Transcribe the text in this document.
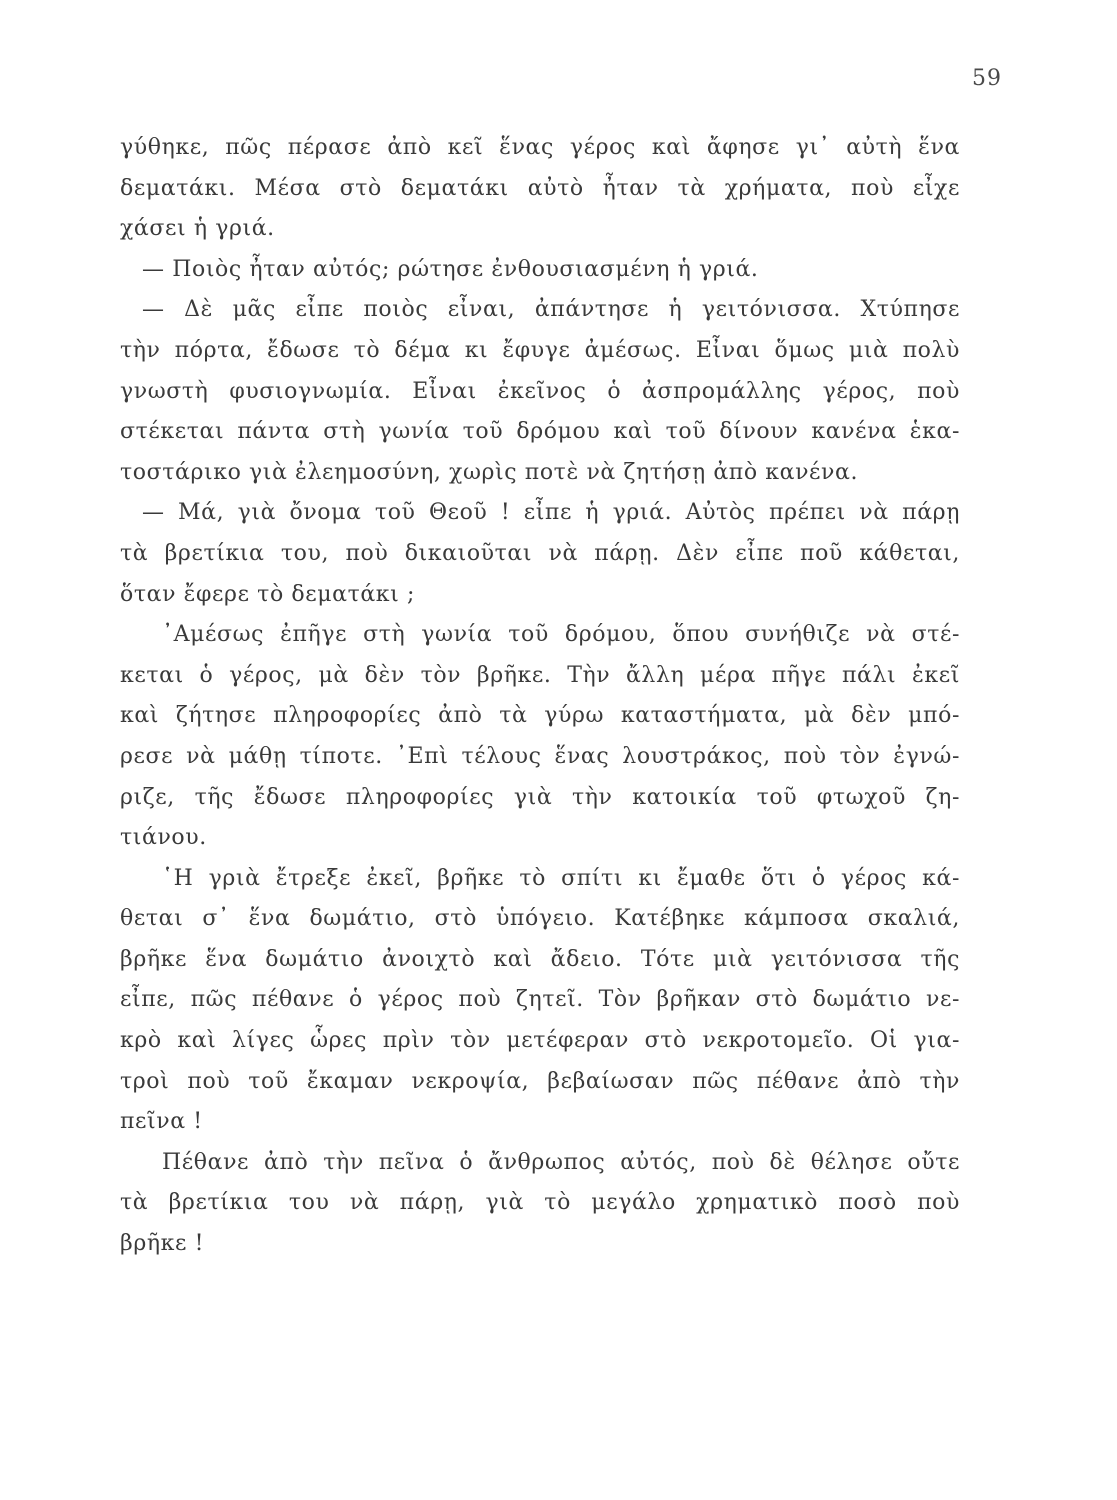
59
γύθηκε, πῶς πέρασε ἀπὸ κεῖ ἕνας γέρος καὶ ἄφησε γι᾽ αὐτὴ ἕνα
δεματάκι. Μέσα στὸ δεματάκι αὐτὸ ἦταν τὰ χρήματα, ποὺ εἶχε
χάσει ἡ γριά.
— Ποιὸς ἦταν αὐτός; ρώτησε ἐνθουσιασμένη ἡ γριά.
— Δὲ μᾶς εἶπε ποιὸς εἶναι, ἀπάντησε ἡ γειτόνισσα. Χτύπησε
τὴν πόρτα, ἔδωσε τὸ δέμα κι ἔφυγε ἀμέσως. Εἶναι ὅμως μιὰ πολὺ
γνωστὴ φυσιογνωμία. Εἶναι ἐκεῖνος ὁ ἀσπρομάλλης γέρος, ποὺ
στέκεται πάντα στὴ γωνία τοῦ δρόμου καὶ τοῦ δίνουν κανένα ἑκα-
τοστάρικο γιὰ ἐλεημοσύνη, χωρὶς ποτὲ νὰ ζητήσῃ ἀπὸ κανένα.
— Μά, γιὰ ὄνομα τοῦ Θεοῦ ! εἶπε ἡ γριά. Αὐτὸς πρέπει νὰ πάρῃ
τὰ βρετίκια του, ποὺ δικαιοῦται νὰ πάρῃ. Δὲν εἶπε ποῦ κάθεται,
ὅταν ἔφερε τὸ δεματάκι ;
᾽Αμέσως ἐπῆγε στὴ γωνία τοῦ δρόμου, ὅπου συνήθιζε νὰ στέ-
κεται ὁ γέρος, μὰ δὲν τὸν βρῆκε. Τὴν ἄλλη μέρα πῆγε πάλι ἐκεῖ
καὶ ζήτησε πληροφορίες ἀπὸ τὰ γύρω καταστήματα, μὰ δὲν μπό-
ρεσε νὰ μάθῃ τίποτε. ᾽Επὶ τέλους ἕνας λουστράκος, ποὺ τὸν ἐγνώ-
ριζε, τῆς ἔδωσε πληροφορίες γιὰ τὴν κατοικία τοῦ φτωχοῦ ζη-
τιάνου.
῾Η γριὰ ἔτρεξε ἐκεῖ, βρῆκε τὸ σπίτι κι ἔμαθε ὅτι ὁ γέρος κά-
θεται σ᾽ ἕνα δωμάτιο, στὸ ὑπόγειο. Κατέβηκε κάμποσα σκαλιά,
βρῆκε ἕνα δωμάτιο ἀνοιχτὸ καὶ ἄδειο. Τότε μιὰ γειτόνισσα τῆς
εἶπε, πῶς πέθανε ὁ γέρος ποὺ ζητεῖ. Τὸν βρῆκαν στὸ δωμάτιο νε-
κρὸ καὶ λίγες ὧρες πρὶν τὸν μετέφεραν στὸ νεκροτομεῖο. Οἱ για-
τροὶ ποὺ τοῦ ἔκαμαν νεκροψία, βεβαίωσαν πῶς πέθανε ἀπὸ τὴν
πεῖνα !
Πέθανε ἀπὸ τὴν πεῖνα ὁ ἄνθρωπος αὐτός, ποὺ δὲ θέλησε οὔτε
τὰ βρετίκια του νὰ πάρῃ, γιὰ τὸ μεγάλο χρηματικὸ ποσὸ ποὺ
βρῆκε !
